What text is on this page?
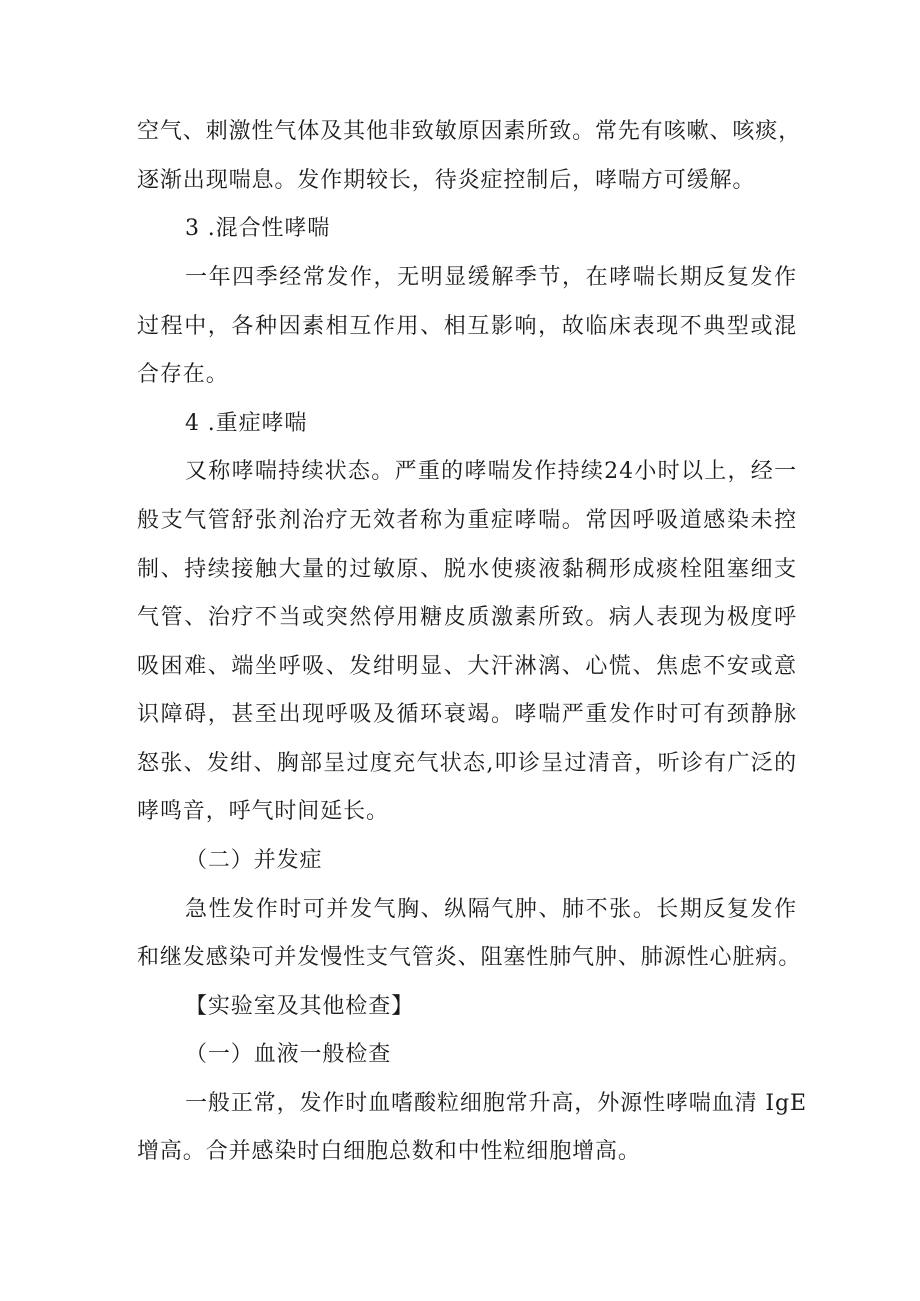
空气、刺激性气体及其他非致敏原因素所致。常先有咳嗽、咳痰，
逐渐出现喘息。发作期较长，待炎症控制后，哮喘方可缓解。
3 .混合性哮喘
一年四季经常发作，无明显缓解季节，在哮喘长期反复发作
过程中，各种因素相互作用、相互影响，故临床表现不典型或混
合存在。
4 .重症哮喘
又称哮喘持续状态。严重的哮喘发作持续24小时以上，经一
般支气管舒张剂治疗无效者称为重症哮喘。常因呼吸道感染未控
制、持续接触大量的过敏原、脱水使痰液黏稠形成痰栓阻塞细支
气管、治疗不当或突然停用糖皮质激素所致。病人表现为极度呼
吸困难、端坐呼吸、发绀明显、大汗淋漓、心慌、焦虑不安或意
识障碍，甚至出现呼吸及循环衰竭。哮喘严重发作时可有颈静脉
怒张、发绀、胸部呈过度充气状态,叩诊呈过清音，听诊有广泛的
哮鸣音，呼气时间延长。
（二）并发症
急性发作时可并发气胸、纵隔气肿、肺不张。长期反复发作
和继发感染可并发慢性支气管炎、阻塞性肺气肿、肺源性心脏病。
【实验室及其他检查】
（一）血液一般检查
一般正常，发作时血嗜酸粒细胞常升高，外源性哮喘血清 IgE
增高。合并感染时白细胞总数和中性粒细胞增高。
